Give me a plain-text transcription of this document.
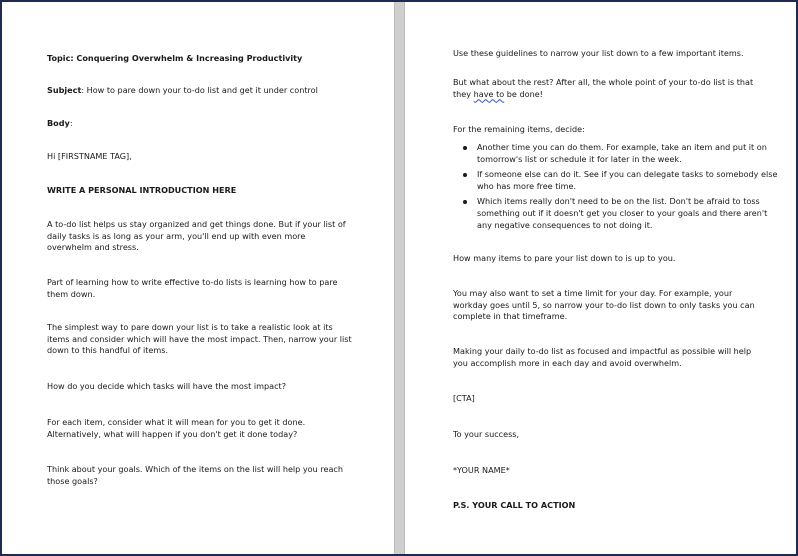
Topic: Conquering Overwhelm & Increasing Productivity

Subject: How to pare down your to-do list and get it under control

Body:

Hi [FIRSTNAME TAG],

WRITE A PERSONAL INTRODUCTION HERE

A to-do list helps us stay organized and get things done. But if your list of daily tasks is as long as your arm, you'll end up with even more overwhelm and stress.

Part of learning how to write effective to-do lists is learning how to pare them down.

The simplest way to pare down your list is to take a realistic look at its items and consider which will have the most impact. Then, narrow your list down to this handful of items.

How do you decide which tasks will have the most impact?

For each item, consider what it will mean for you to get it done. Alternatively, what will happen if you don't get it done today?

Think about your goals. Which of the items on the list will help you reach those goals?

Use these guidelines to narrow your list down to a few important items.

But what about the rest? After all, the whole point of your to-do list is that they have to be done!

For the remaining items, decide:

Another time you can do them. For example, take an item and put it on tomorrow's list or schedule it for later in the week.
If someone else can do it. See if you can delegate tasks to somebody else who has more free time.
Which items really don't need to be on the list. Don't be afraid to toss something out if it doesn't get you closer to your goals and there aren't any negative consequences to not doing it.

How many items to pare your list down to is up to you.

You may also want to set a time limit for your day. For example, your workday goes until 5, so narrow your to-do list down to only tasks you can complete in that timeframe.

Making your daily to-do list as focused and impactful as possible will help you accomplish more in each day and avoid overwhelm.

[CTA]

To your success,

*YOUR NAME*

P.S. YOUR CALL TO ACTION
